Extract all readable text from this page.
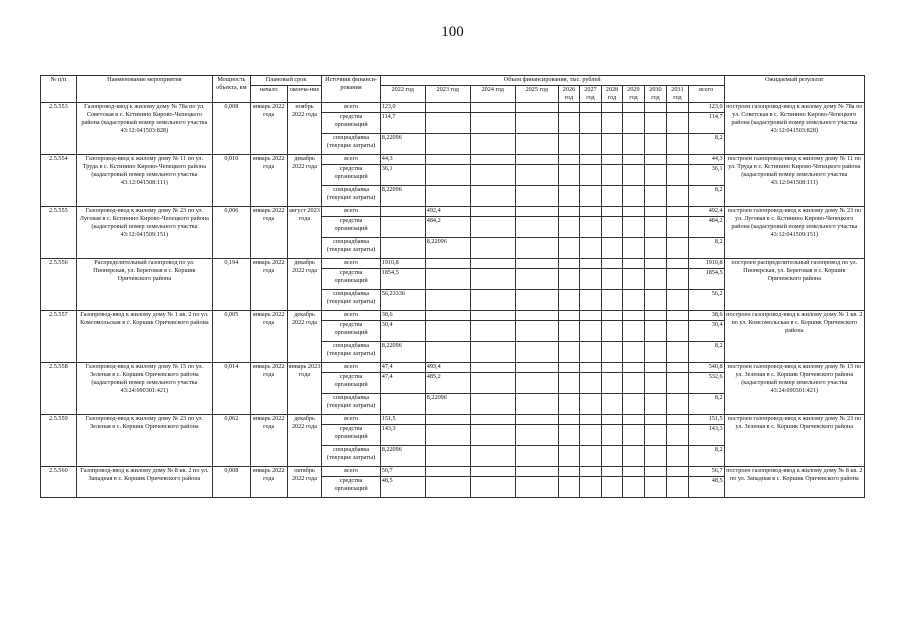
100
№ п/п	Наименование мероприятия	Мощность объекта, км	Плановый срок		Источник финанси-рования	Объем финансирования, тыс. рублей											Ожидаемый результат
			начало	оконча-ние		2022 год	2023 год	2024 год	2025 год	2026 год	2027 год	2028 год	2029 год	2030 год	2031 год	всего	

2.5.553	Газопровод-ввод к жилому дому № 78а по ул. Советская в с. Кстинино Кирово-Чепецкого района (кадастровый номер земельного участка 43:12:041503:828)	0,008	январь 2022 года	ноябрь 2022 года	всего	123,0										123,0	построен газопровод-ввод к жилому дому № 78а по ул. Советская в с. Кстинино Кирово-Чепецкого района (кадастровый номер земельного участка 43:12:041503:828)
					средства организаций	114,7										114,7	
					спецнадбавка (текущие затраты)	8,22096										8,2	
2.5.554	Газопровод-ввод к жилому дому № 11 по ул. Труда в с. Кстинино Кирово-Чепецкого района (кадастровый номер земельного участка 43:12:041508:111)	0,010	январь 2022 года	декабрь 2022 года	всего	44,3										44,3	построен газопровод-ввод к жилому дому № 11 по ул. Труда в с. Кстинино Кирово-Чепецкого района (кадастровый номер земельного участка 43:12:041508:111)
					средства организаций	36,1										36,1	
					спецнадбавка (текущие затраты)	8,22096										8,2	
2.5.555	Газопровод-ввод к жилому дому № 23 по ул. Луговая в с. Кстинино Кирово-Чепецкого района (кадастровый номер земельного участка 43:12:041509:151)	0,006	январь 2022 года	август 2023 года	всего		492,4									492,4	построен газопровод-ввод к жилому дому № 23 по ул. Луговая в с. Кстинино Кирово-Чепецкого района (кадастровый номер земельного участка 43:12:041509:151)
					средства организаций		484,2									484,2	
					спецнадбавка (текущие затраты)		8,22096									8,2	
2.5.556	Распределительный газопровод по ул. Пионерская, ул. Береговая в с. Коршик Оричевского района	0,194	январь 2022 года	декабрь 2022 года	всего	1910,8										1910,8	построен распределительный газопровод по ул. Пионерская, ул. Береговая в с. Коршик Оричевского района
					средства организаций	1854,5										1854,5	
					спецнадбавка (текущие затраты)	56,23336										56,2	
2.5.557	Газопровод-ввод к жилому дому № 1 кв. 2 по ул. Комсомольская в с. Коршик Оричевского района	0,005	январь 2022 года	декабрь 2022 года	всего	38,6										38,6	построен газопровод-ввод к жилому дому № 1 кв. 2 по ул. Комсомольская в с. Коршик Оричевского района
					средства организаций	30,4										30,4	
					спецнадбавка (текущие затраты)	8,22096										8,2	
2.5.558	Газопровод-ввод к жилому дому № 15 по ул. Зеленая в с. Коршик Оричевского района (кадастровый номер земельного участка 43:24:090301:421)	0,014	январь 2022 года	январь 2023 года	всего	47,4	493,4									540,8	построен газопровод-ввод к жилому дому № 15 по ул. Зеленая в с. Коршик Оричевского района (кадастровый номер земельного участка 43:24:090301:421)
					средства организаций	47,4	485,2									532,6	
					спецнадбавка (текущие затраты)		8,22096									8,2	
2.5.559	Газопровод-ввод к жилому дому № 23 по ул. Зеленая в с. Коршик Оричевского района	0,062	январь 2022 года	декабрь 2022 года	всего	151,5										151,5	построен газопровод-ввод к жилому дому № 23 по ул. Зеленая в с. Коршик Оричевского района
					средства организаций	143,3										143,3	
					спецнадбавка (текущие затраты)	8,22096										8,2	
2.5.560	Газопровод-ввод к жилому дому № 8 кв. 2 по ул. Западная в с. Коршик Оричевского района	0,008	январь 2022 года	октябрь 2022 года	всего	56,7										56,7	построен газопровод-ввод к жилому дому № 8 кв. 2 по ул. Западная в с. Коршик Оричевского района
					средства организаций	48,5										48,5	
